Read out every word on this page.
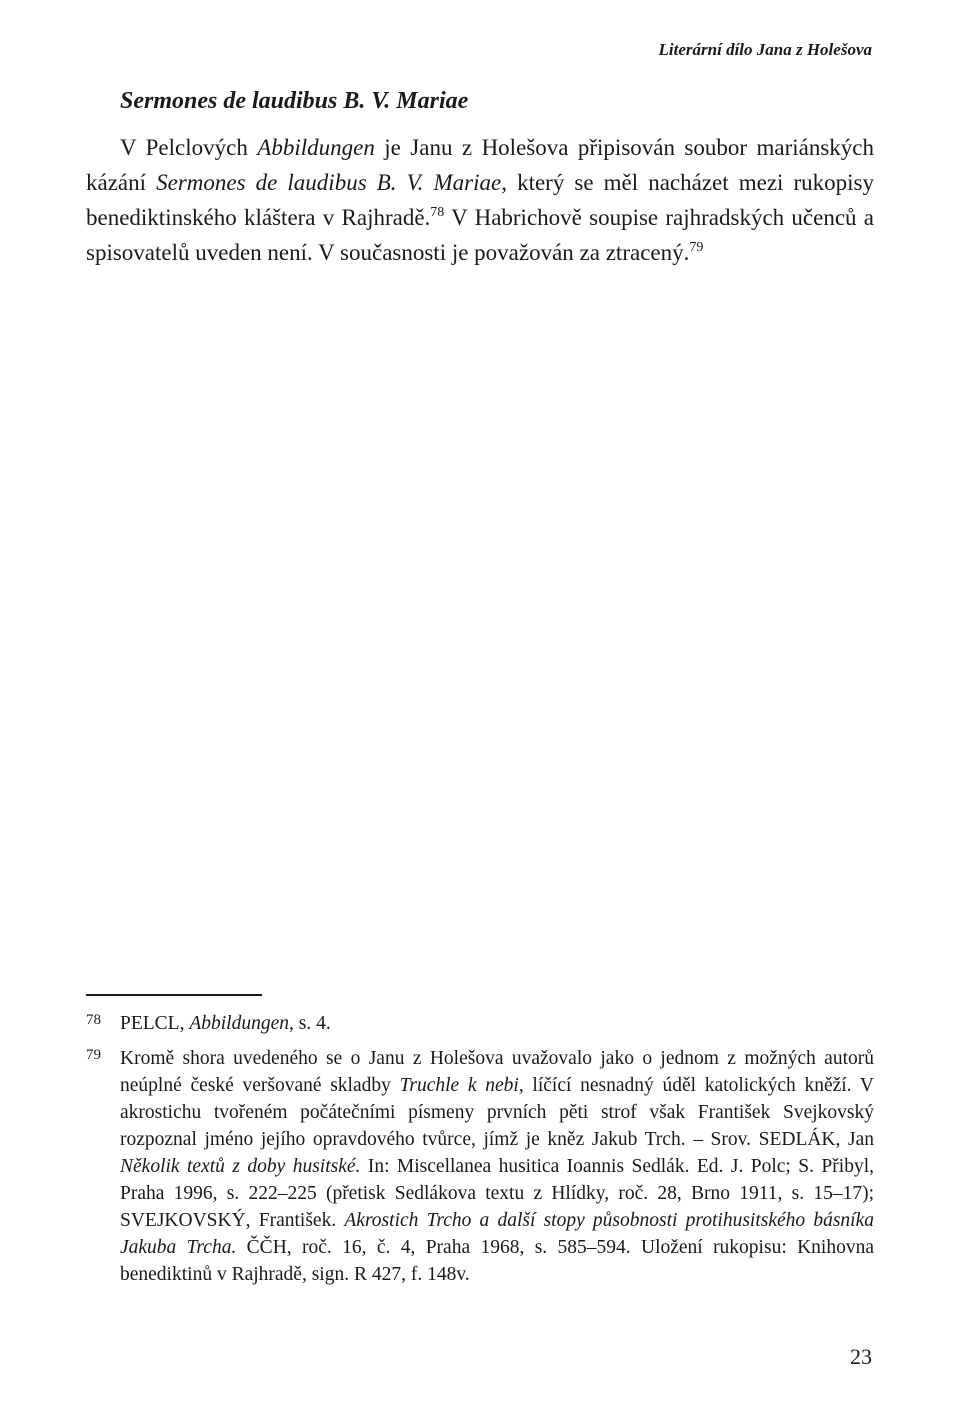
Literární dílo Jana z Holešova
Sermones de laudibus B. V. Mariae

V Pelclových Abbildungen je Janu z Holešova připisován soubor mariánských kázání Sermones de laudibus B. V. Mariae, který se měl nacházet mezi rukopisy benediktinského kláštera v Rajhradě.$^{78}$ V Habrichově soupise rajhradských učenců a spisovatelů uveden není. V současnosti je považován za ztracený.$^{79}$

78 PELCL, Abbildungen, s. 4.
79 Kromě shora uvedeného se o Janu z Holešova uvažovalo jako o jednom z možných autorů neúplné české veršované skladby Truchle k nebi, líčící nesnadný úděl katolických kněží. V akrostichu tvořeném počátečními písmeny prvních pěti strof však František Svejkovský rozpoznal jméno jejího opravdového tvůrce, jímž je kněz Jakub Trch. – Srov. SEDLÁK, Jan Několik textů z doby husitské. In: Miscellanea husitica Ioannis Sedlák. Ed. J. Polc; S. Přibyl, Praha 1996, s. 222–225 (přetisk Sedlákova textu z Hlídky, roč. 28, Brno 1911, s. 15–17); SVEJKOVSKÝ, František. Akrostich Trcho a další stopy působnosti protihusitského básníka Jakuba Trcha. ČČH, roč. 16, č. 4, Praha 1968, s. 585–594. Uložení rukopisu: Knihovna benediktinů v Rajhradě, sign. R 427, f. 148v.
23
